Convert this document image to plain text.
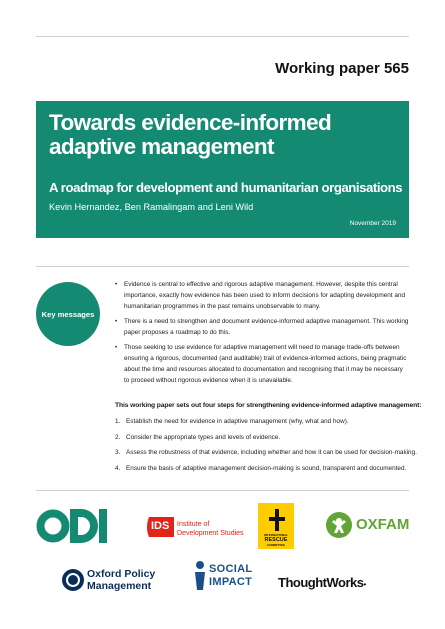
Working paper 565
Towards evidence-informed adaptive management
A roadmap for development and humanitarian organisations
Kevin Hernandez, Ben Ramalingam and Leni Wild
November 2019
Key messages
• Evidence is central to effective and rigorous adaptive management. However, despite this central importance, exactly how evidence has been used to inform decisions for adapting development and humanitarian programmes in the past remains unobservable to many.
• There is a need to strengthen and document evidence-informed adaptive management. This working paper proposes a roadmap to do this.
• Those seeking to use evidence for adaptive management will need to manage trade-offs between ensuring a rigorous, documented (and auditable) trail of evidence-informed actions, being pragmatic about the time and resources allocated to documentation and recognising that it may be necessary to proceed without rigorous evidence when it is unavailable.
This working paper sets out four steps for strengthening evidence-informed adaptive management:
1. Establish the need for evidence in adaptive management (why, what and how).
2. Consider the appropriate types and levels of evidence.
3. Assess the robustness of that evidence, including whether and how it can be used for decision-making.
4. Ensure the basis of adaptive management decision-making is sound, transparent and documented.
IDS Institute of
Development Studies	INTERNATIONAL
RESCUE
COMMITTEE
OXFAM
Oxford Policy
Management
SOCIAL
IMPACT ThoughtWorks•
